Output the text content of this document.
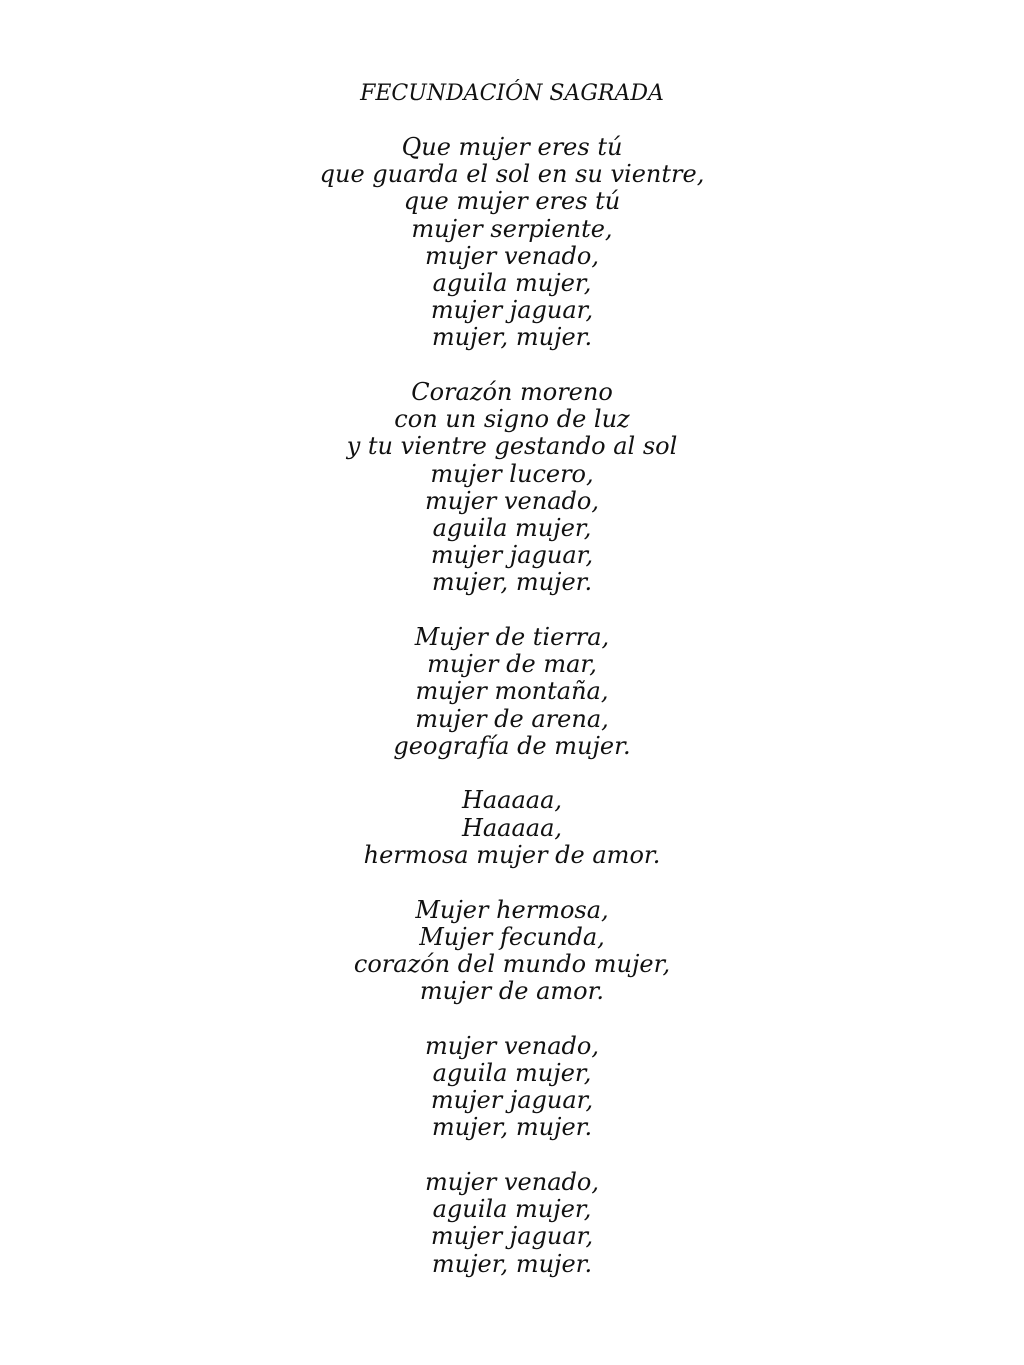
FECUNDACIÓN SAGRADA
Que mujer eres tú
que guarda el sol en su vientre,
que mujer eres tú
mujer serpiente,
mujer venado,
aguila mujer,
mujer jaguar,
mujer, mujer.
Corazón moreno
con un signo de luz
y tu vientre gestando al sol
mujer lucero,
mujer venado,
aguila mujer,
mujer jaguar,
mujer, mujer.
Mujer de tierra,
mujer de mar,
mujer montaña,
mujer de arena,
geografía de mujer.
Haaaaa,
Haaaaa,
hermosa mujer de amor.
Mujer hermosa,
Mujer fecunda,
corazón del mundo mujer,
mujer de amor.
mujer venado,
aguila mujer,
mujer jaguar,
mujer, mujer.
mujer venado,
aguila mujer,
mujer jaguar,
mujer, mujer.
